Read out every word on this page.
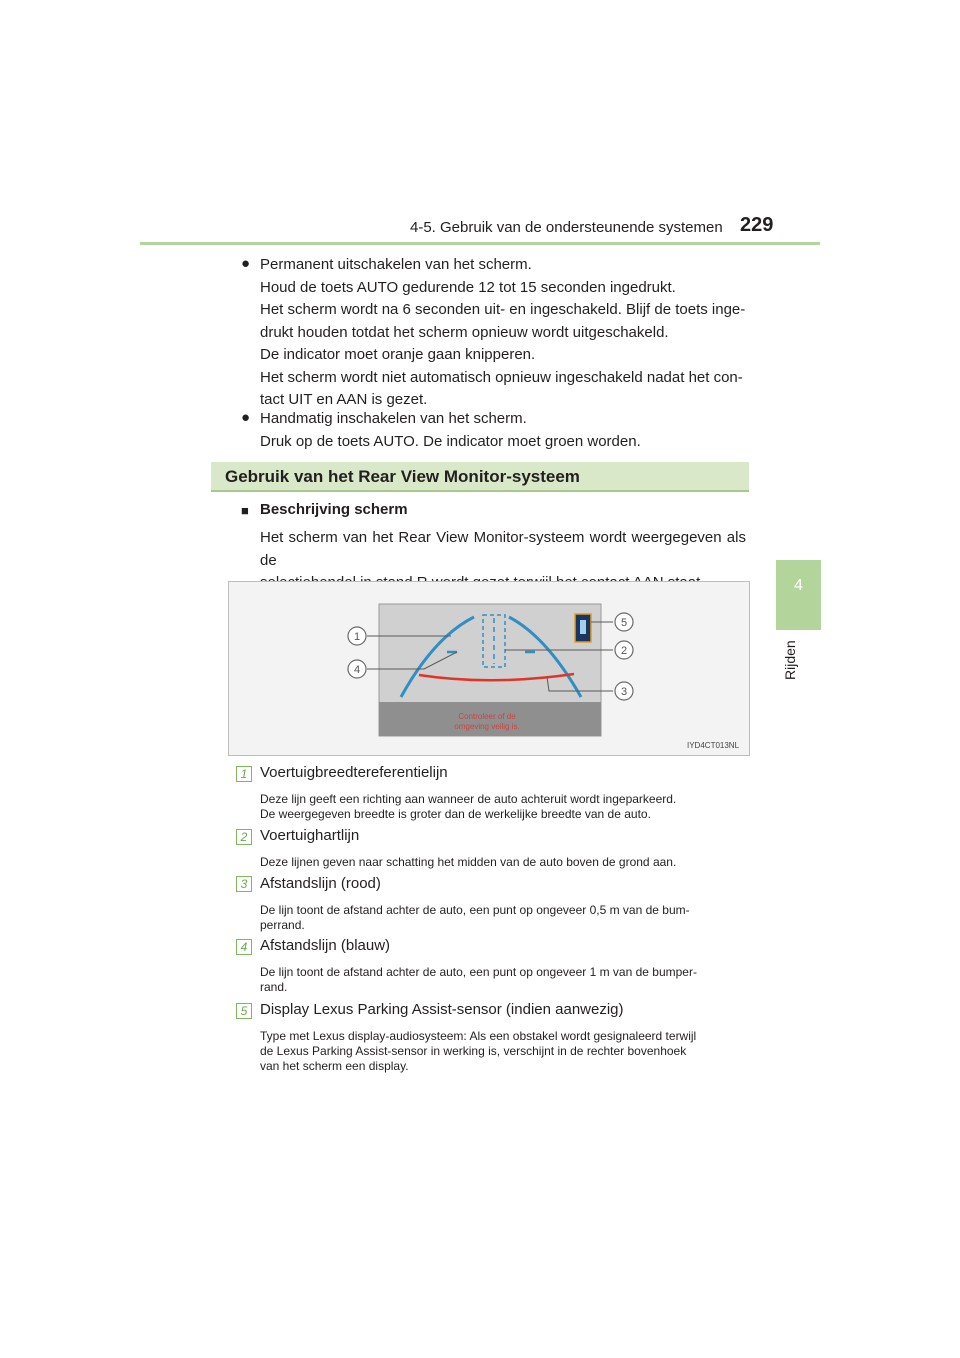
4-5. Gebruik van de ondersteunende systemen 229
4
Rijden
● Permanent uitschakelen van het scherm.
Houd de toets AUTO gedurende 12 tot 15 seconden ingedrukt.
Het scherm wordt na 6 seconden uit- en ingeschakeld. Blijf de toets inge-
drukt houden totdat het scherm opnieuw wordt uitgeschakeld.
De indicator moet oranje gaan knipperen.
Het scherm wordt niet automatisch opnieuw ingeschakeld nadat het con-
tact UIT en AAN is gezet.
● Handmatig inschakelen van het scherm.
Druk op de toets AUTO. De indicator moet groen worden.
Gebruik van het Rear View Monitor-systeem
■ Beschrijving scherm
Het scherm van het Rear View Monitor-systeem wordt weergegeven als de
Controleer of de
omgeving veilig is.
1
4
5
2
3
IYD4CT013NL
1 Voertuigbreedtereferentielijn
Deze lijn geeft een richting aan wanneer de auto achteruit wordt ingeparkeerd.
De weergegeven breedte is groter dan de werkelijke breedte van de auto.
2 Voertuighartlijn
Deze lijnen geven naar schatting het midden van de auto boven de grond aan.
3 Afstandslijn (rood)
De lijn toont de afstand achter de auto, een punt op ongeveer 0,5 m van de bum-
perrand.
4 Afstandslijn (blauw)
De lijn toont de afstand achter de auto, een punt op ongeveer 1 m van de bumper-
rand.
5 Display Lexus Parking Assist-sensor (indien aanwezig)
Type met Lexus display-audiosysteem: Als een obstakel wordt gesignaleerd terwijl
de Lexus Parking Assist-sensor in werking is, verschijnt in de rechter bovenhoek
van het scherm een display.
